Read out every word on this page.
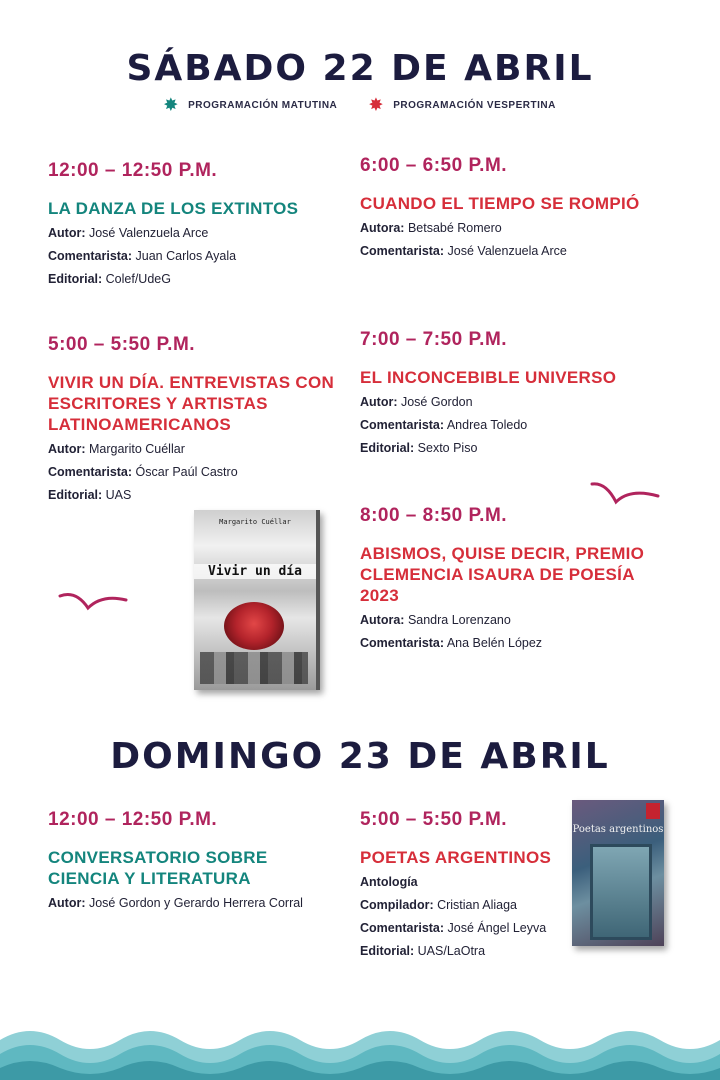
SÁBADO 22 DE ABRIL
✸ PROGRAMACIÓN MATUTINA ✸ PROGRAMACIÓN VESPERTINA
12:00 – 12:50 P.M.
LA DANZA DE LOS EXTINTOS
Autor: José Valenzuela Arce
Comentarista: Juan Carlos Ayala
Editorial: Colef/UdeG
6:00 – 6:50 P.M.
CUANDO EL TIEMPO SE ROMPIÓ
Autora: Betsabé Romero
Comentarista: José Valenzuela Arce
5:00 – 5:50 P.M.
VIVIR UN DÍA. ENTREVISTAS CON ESCRITORES Y ARTISTAS LATINOAMERICANOS
Autor: Margarito Cuéllar
Comentarista: Óscar Paúl Castro
Editorial: UAS
7:00 – 7:50 P.M.
EL INCONCEBIBLE UNIVERSO
Autor: José Gordon
Comentarista: Andrea Toledo
Editorial: Sexto Piso
8:00 – 8:50 P.M.
ABISMOS, QUISE DECIR, PREMIO CLEMENCIA ISAURA DE POESÍA 2023
Autora: Sandra Lorenzano
Comentarista: Ana Belén López
Margarito Cuéllar
Vivir un día
DOMINGO 23 DE ABRIL
12:00 – 12:50 P.M.
CONVERSATORIO SOBRE CIENCIA Y LITERATURA
Autor: José Gordon y Gerardo Herrera Corral
5:00 – 5:50 P.M.
POETAS ARGENTINOS
Antología
Compilador: Cristian Aliaga
Comentarista: José Ángel Leyva
Editorial: UAS/LaOtra
Poetas argentinos
